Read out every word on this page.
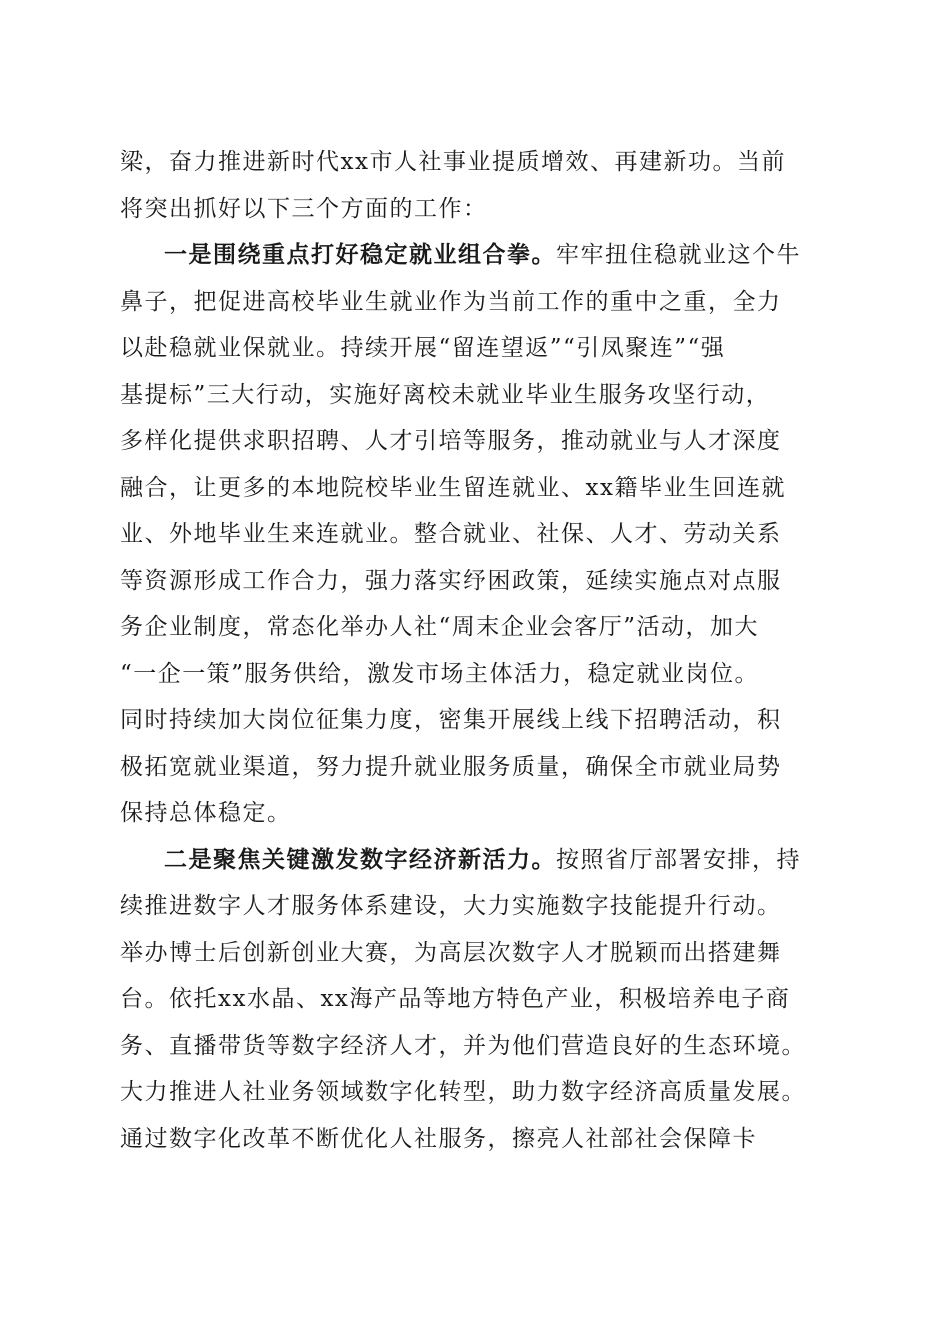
梁，奋力推进新时代xx市人社事业提质增效、再建新功。当前
将突出抓好以下三个方面的工作：
一是围绕重点打好稳定就业组合拳。牢牢扭住稳就业这个牛
鼻子，把促进高校毕业生就业作为当前工作的重中之重，全力
以赴稳就业保就业。持续开展“留连望返”“引凤聚连”“强
基提标”三大行动，实施好离校未就业毕业生服务攻坚行动，
多样化提供求职招聘、人才引培等服务，推动就业与人才深度
融合，让更多的本地院校毕业生留连就业、xx籍毕业生回连就
业、外地毕业生来连就业。整合就业、社保、人才、劳动关系
等资源形成工作合力，强力落实纾困政策，延续实施点对点服
务企业制度，常态化举办人社“周末企业会客厅”活动，加大
“一企一策”服务供给，激发市场主体活力，稳定就业岗位。
同时持续加大岗位征集力度，密集开展线上线下招聘活动，积
极拓宽就业渠道，努力提升就业服务质量，确保全市就业局势
保持总体稳定。
二是聚焦关键激发数字经济新活力。按照省厅部署安排，持
续推进数字人才服务体系建设，大力实施数字技能提升行动。
举办博士后创新创业大赛，为高层次数字人才脱颖而出搭建舞
台。依托xx水晶、xx海产品等地方特色产业，积极培养电子商
务、直播带货等数字经济人才，并为他们营造良好的生态环境。
大力推进人社业务领域数字化转型，助力数字经济高质量发展。
通过数字化改革不断优化人社服务，擦亮人社部社会保障卡
